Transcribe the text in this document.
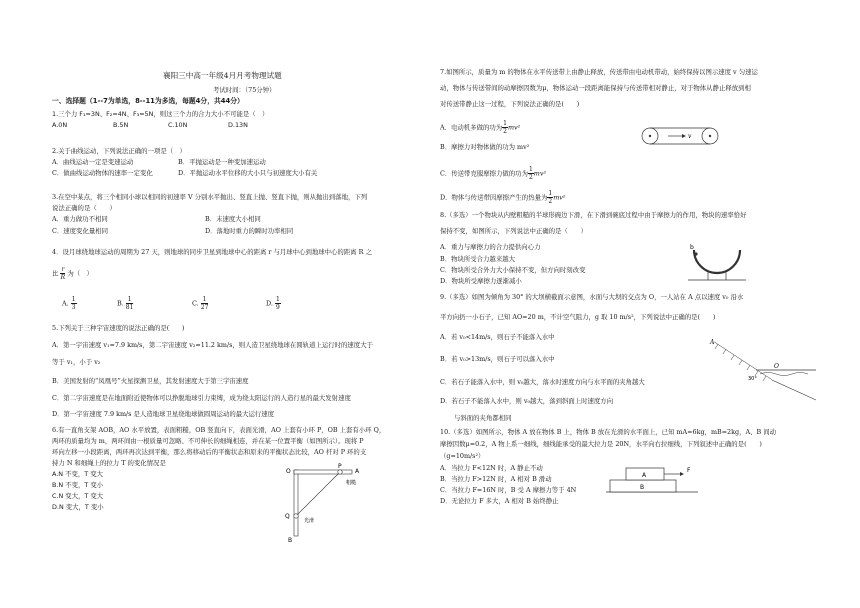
襄阳三中高一年级4月月考物理试题
考试时间：（75分钟）
一、选择题（1--7为单选，8--11为多选，每题4分，共44分）
1.三个力 F₁=3N、F₂=4N、F₃=5N，则这三个力的合力大小不可能是（　）
A.0N	B.5N	C.10N	D.13N
2.关于曲线运动，下列说法正确的一项是（　）
A．曲线运动一定是变速运动	B．平抛运动是一种变加速运动
C．做曲线运动物体的速率一定变化	D．平抛运动水平位移的大小只与初速度大小有关
3.在空中某点，将三个相同小球以相同的初速率 V 分别水平抛出、竖直上抛、竖直下抛，则从抛出到落地，下列
说法正确的是（　　）
A．重力做功不相同	B．末速度大小相同
C．速度变化量相同	D．落地时重力的瞬时功率相同
4．设月球绕地球运动的周期为 27 天，则地球的同步卫星到地球中心的距离 r 与月球中心到地球中心的距离 R 之
比 $\frac{r}{R}$ 为（　）
A. $\frac{1}{3}$	B. $\frac{1}{81}$	C. $\frac{1}{27}$	D. $\frac{1}{9}$
5.下列关于三种宇宙速度的说法正确的是(　　)
A．第一宇宙速度 v₁=7.9 km/s，第二宇宙速度 v₂=11.2 km/s，则人造卫星绕地球在圆轨道上运行时的速度大于
等于 v₁，小于 v₂
B．美国发射的“凤凰号”火星探测卫星，其发射速度大于第三宇宙速度
C．第二宇宙速度是在地面附近使物体可以挣脱地球引力束缚，成为绕太阳运行的人造行星的最大发射速度
D．第一宇宙速度 7.9 km/s 是人造地球卫星绕地球做圆周运动的最大运行速度
6.有一直角支架 AOB，AO 水平放置，表面粗糙，OB 竖直向下，表面光滑，AO 上套有小环 P，OB 上套有小环 Q，
两环的质量均为 m，两环间由一根质量可忽略、不可伸长的细绳相连，并在某一位置平衡（如图所示）。现将 P
环向左移一小段距离，两环再次达到平衡，那么将移动后的平衡状态和原来的平衡状态比较，AO 杆对 P 环的支
持力 N 和细绳上的拉力 T 的变化情况是
A.N 不变，T 变大
B.N 不变，T 变小
C.N 变大，T 变大
D.N 变大，T 变小
O
P
A
Q
B
粗糙
光滑
7.如图所示，质量为 m 的物体在水平传送带上由静止释放，传送带由电动机带动，始终保持以图示速度 v 匀速运
动，物体与传送带间的动摩擦因数为μ，物体运动一段距离能保持与传送带相对静止，对于物体从静止释放到相
对传送带静止这一过程，下列说法正确的是(　　)
A．电动机多做的功为 $\frac{1}{2} mv^2$
B．摩擦力对物体做的功为 mv²
C．传送带克服摩擦力做的功为 $\frac{1}{2} mv^2$
D．物体与传送带因摩擦产生的热量为 $\frac{1}{2} mv^2$
v
8.（多选）一个物块从内壁粗糙的半球形碗边下滑，在下滑到碗底过程中由于摩擦力的作用，物块的速率恰好
保持不变，如图所示，下列说法中正确的是（　　）
A．重力与摩擦力的合力提供向心力
B．物块所受合力越来越大
C．物块所受合外力大小保持不变，但方向时刻改变
D．物块所受摩擦力逐渐减小
b
9.（多选）如图为倾角为 30° 的大坝横截面示意图，水面与大坝的交点为 O，一人站在 A 点以速度 v₀ 沿水
平方向扔一小石子，已知 AO=20 m，不计空气阻力，g 取 10 m/s²，下列说法中正确的是(　　)
A．若 v₀<14m/s，则石子不能落入水中
B．若 v₀>13m/s，则石子可以落入水中
C．若石子能落入水中，则 v₀越大，落水时速度方向与水平面的夹角越大
D．若石子不能落入水中，则 v₀越大，落到斜面上时速度方向
与斜面的夹角都相同
A
O
30°
10.（多选）如图所示，物体 A 放在物体 B 上，物体 B 放在光滑的水平面上，已知 mA=6kg，mB=2kg，A、B 间动
摩擦因数μ=0.2，A 物上系一细线，细线能承受的最大拉力是 20N，水平向右拉细线，下列叙述中正确的是(　　)
（g=10m/s²）
A．当拉力 F<12N 时，A 静止不动
B．当拉力 F>12N 时，A 相对 B 滑动
C．当拉力 F=16N 时，B 受 A 摩擦力等于 4N
D．无论拉力 F 多大，A 相对 B 始终静止
A
B
F
